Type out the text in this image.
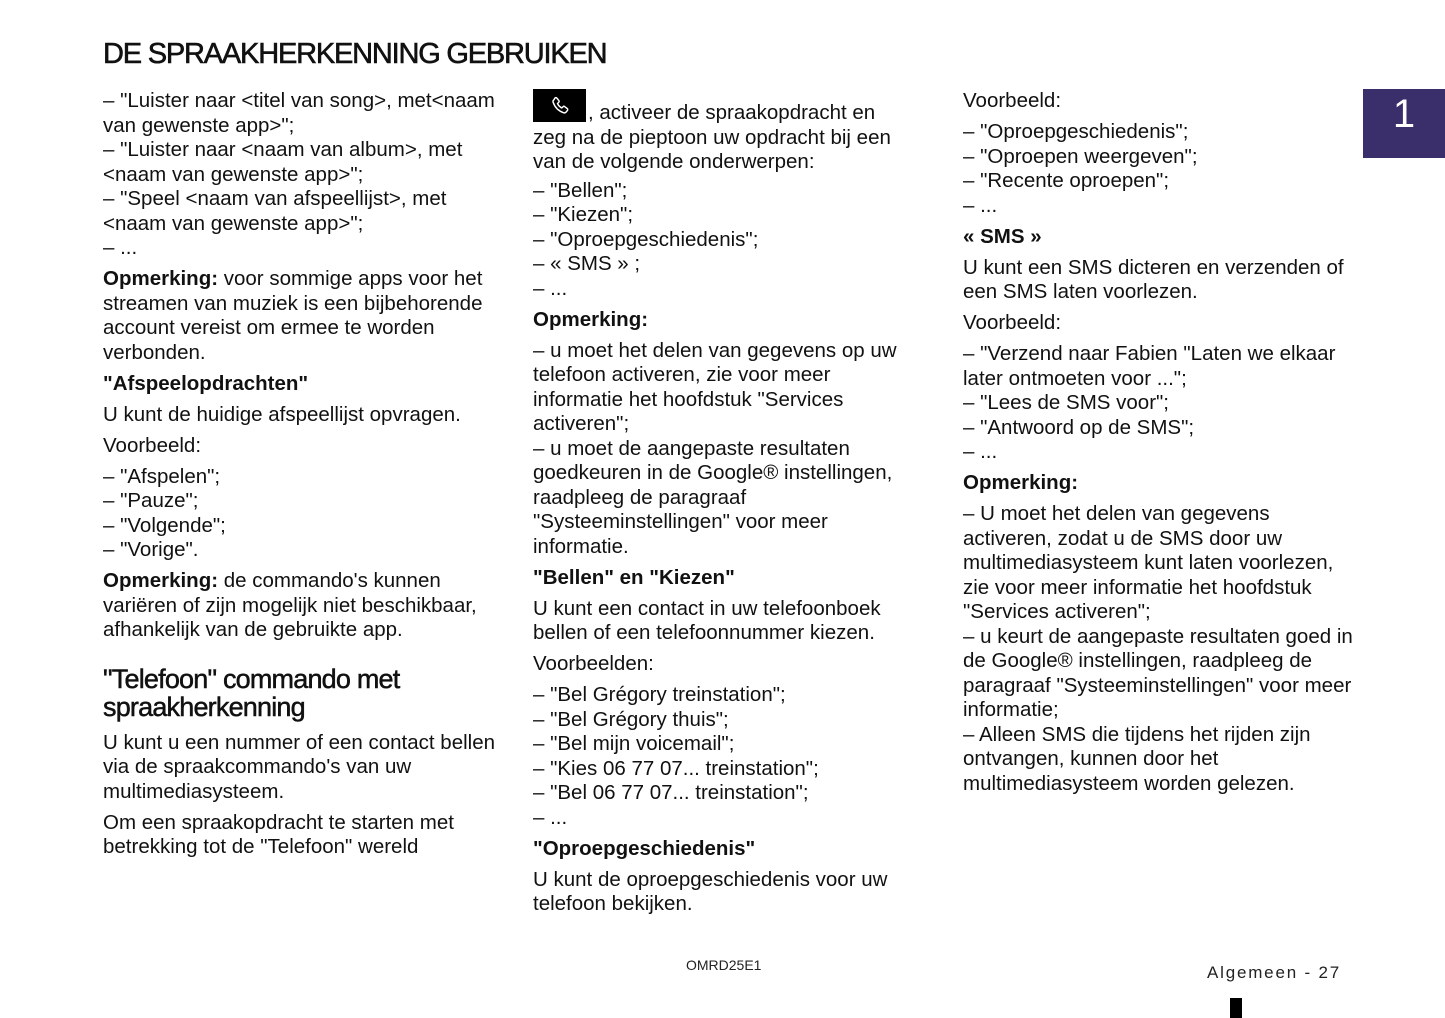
DE SPRAAKHERKENNING GEBRUIKEN
1

– "Luister naar <titel van song>, met<naam van gewenste app>";
– "Luister naar <naam van album>, met <naam van gewenste app>";
– "Speel <naam van afspeellijst>, met <naam van gewenste app>";
– ...

Opmerking: voor sommige apps voor het streamen van muziek is een bijbehorende account vereist om ermee te worden verbonden.

"Afspeelopdrachten"

U kunt de huidige afspeellijst opvragen.

Voorbeeld:

– "Afspelen";
– "Pauze";
– "Volgende";
– "Vorige".

Opmerking: de commando's kunnen variëren of zijn mogelijk niet beschikbaar, afhankelijk van de gebruikte app.

"Telefoon" commando met spraakherkenning

U kunt u een nummer of een contact bellen via de spraakcommando's van uw multimediasysteem.

Om een spraakopdracht te starten met betrekking tot de "Telefoon" wereld

, activeer de spraakopdracht en
zeg na de pieptoon uw opdracht bij een van de volgende onderwerpen:

– "Bellen";
– "Kiezen";
– "Oproepgeschiedenis";
– « SMS » ;
– ...

Opmerking:

– u moet het delen van gegevens op uw telefoon activeren, zie voor meer informatie het hoofdstuk "Services activeren";
– u moet de aangepaste resultaten goedkeuren in de Google® instellingen, raadpleeg de paragraaf "Systeeminstellingen" voor meer informatie.

"Bellen" en "Kiezen"

U kunt een contact in uw telefoonboek bellen of een telefoonnummer kiezen.

Voorbeelden:

– "Bel Grégory treinstation";
– "Bel Grégory thuis";
– "Bel mijn voicemail";
– "Kies 06 77 07... treinstation";
– "Bel 06 77 07... treinstation";
– ...

"Oproepgeschiedenis"

U kunt de oproepgeschiedenis voor uw telefoon bekijken.

Voorbeeld:

– "Oproepgeschiedenis";
– "Oproepen weergeven";
– "Recente oproepen";
– ...

« SMS »

U kunt een SMS dicteren en verzenden of een SMS laten voorlezen.

Voorbeeld:

– "Verzend naar Fabien "Laten we elkaar later ontmoeten voor ...";
– "Lees de SMS voor";
– "Antwoord op de SMS";
– ...

Opmerking:

– U moet het delen van gegevens activeren, zodat u de SMS door uw multimediasysteem kunt laten voorlezen, zie voor meer informatie het hoofdstuk "Services activeren";
– u keurt de aangepaste resultaten goed in de Google® instellingen, raadpleeg de paragraaf "Systeeminstellingen" voor meer informatie;
– Alleen SMS die tijdens het rijden zijn ontvangen, kunnen door het multimediasysteem worden gelezen.

OMRD25E1	Algemeen - 27
